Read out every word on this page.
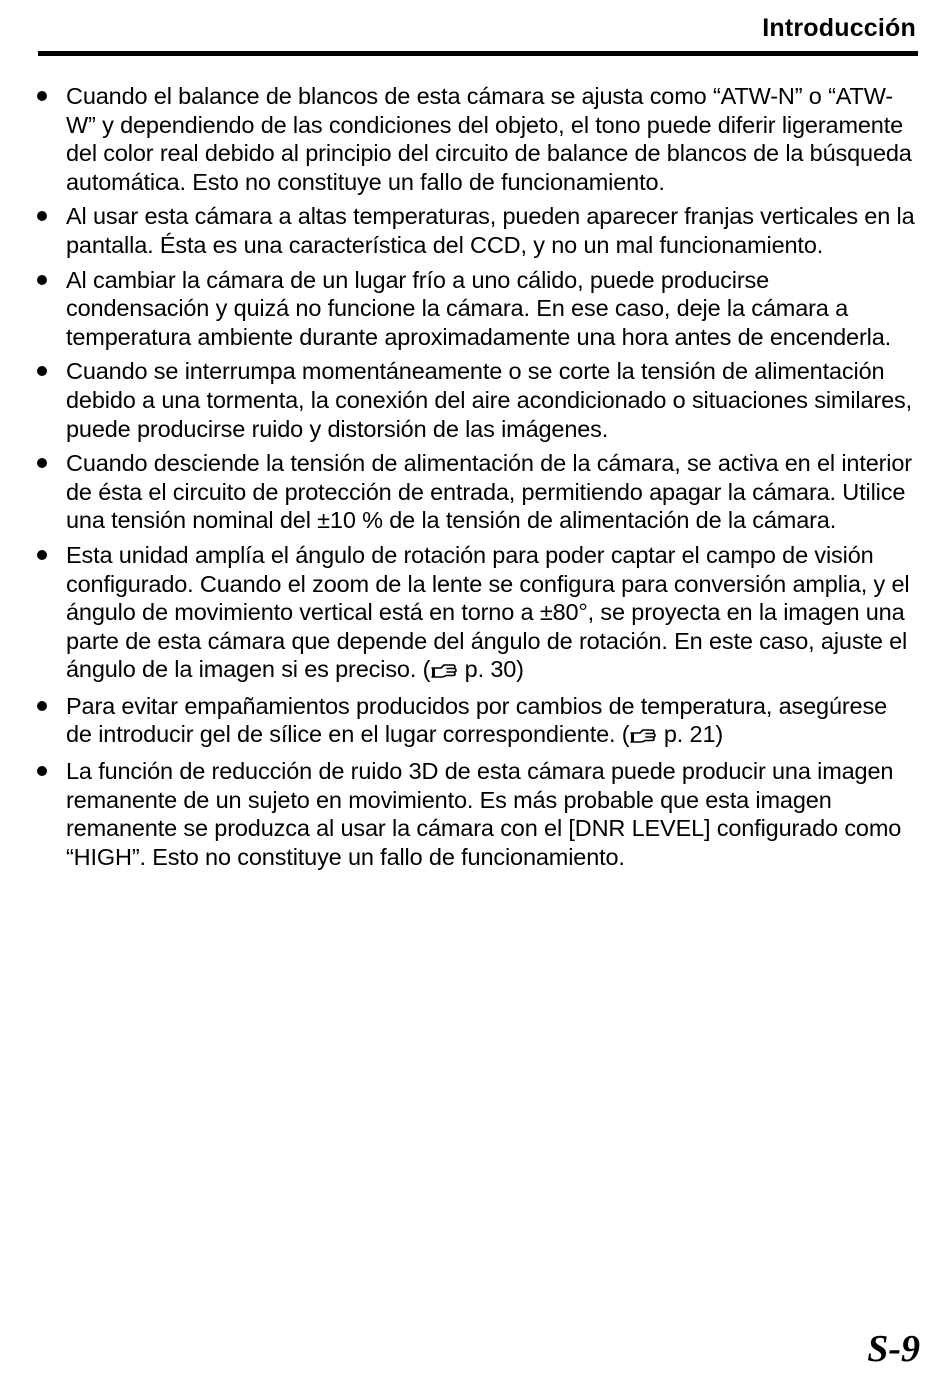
Introducción
Cuando el balance de blancos de esta cámara se ajusta como “ATW-N” o “ATW-W” y dependiendo de las condiciones del objeto, el tono puede diferir ligeramente del color real debido al principio del circuito de balance de blancos de la búsqueda automática. Esto no constituye un fallo de funcionamiento.
Al usar esta cámara a altas temperaturas, pueden aparecer franjas verticales en la pantalla. Ésta es una característica del CCD, y no un mal funcionamiento.
Al cambiar la cámara de un lugar frío a uno cálido, puede producirse condensación y quizá no funcione la cámara. En ese caso, deje la cámara a temperatura ambiente durante aproximadamente una hora antes de encenderla.
Cuando se interrumpa momentáneamente o se corte la tensión de alimentación debido a una tormenta, la conexión del aire acondicionado o situaciones similares, puede producirse ruido y distorsión de las imágenes.
Cuando desciende la tensión de alimentación de la cámara, se activa en el interior de ésta el circuito de protección de entrada, permitiendo apagar la cámara. Utilice una tensión nominal del ±10 % de la tensión de alimentación de la cámara.
Esta unidad amplía el ángulo de rotación para poder captar el campo de visión configurado. Cuando el zoom de la lente se configura para conversión amplia, y el ángulo de movimiento vertical está en torno a ±80°, se proyecta en la imagen una parte de esta cámara que depende del ángulo de rotación. En este caso, ajuste el ángulo de la imagen si es preciso. ( p. 30)
Para evitar empañamientos producidos por cambios de temperatura, asegúrese de introducir gel de sílice en el lugar correspondiente. ( p. 21)
La función de reducción de ruido 3D de esta cámara puede producir una imagen remanente de un sujeto en movimiento. Es más probable que esta imagen remanente se produzca al usar la cámara con el [DNR LEVEL] configurado como “HIGH”. Esto no constituye un fallo de funcionamiento.
S-9
